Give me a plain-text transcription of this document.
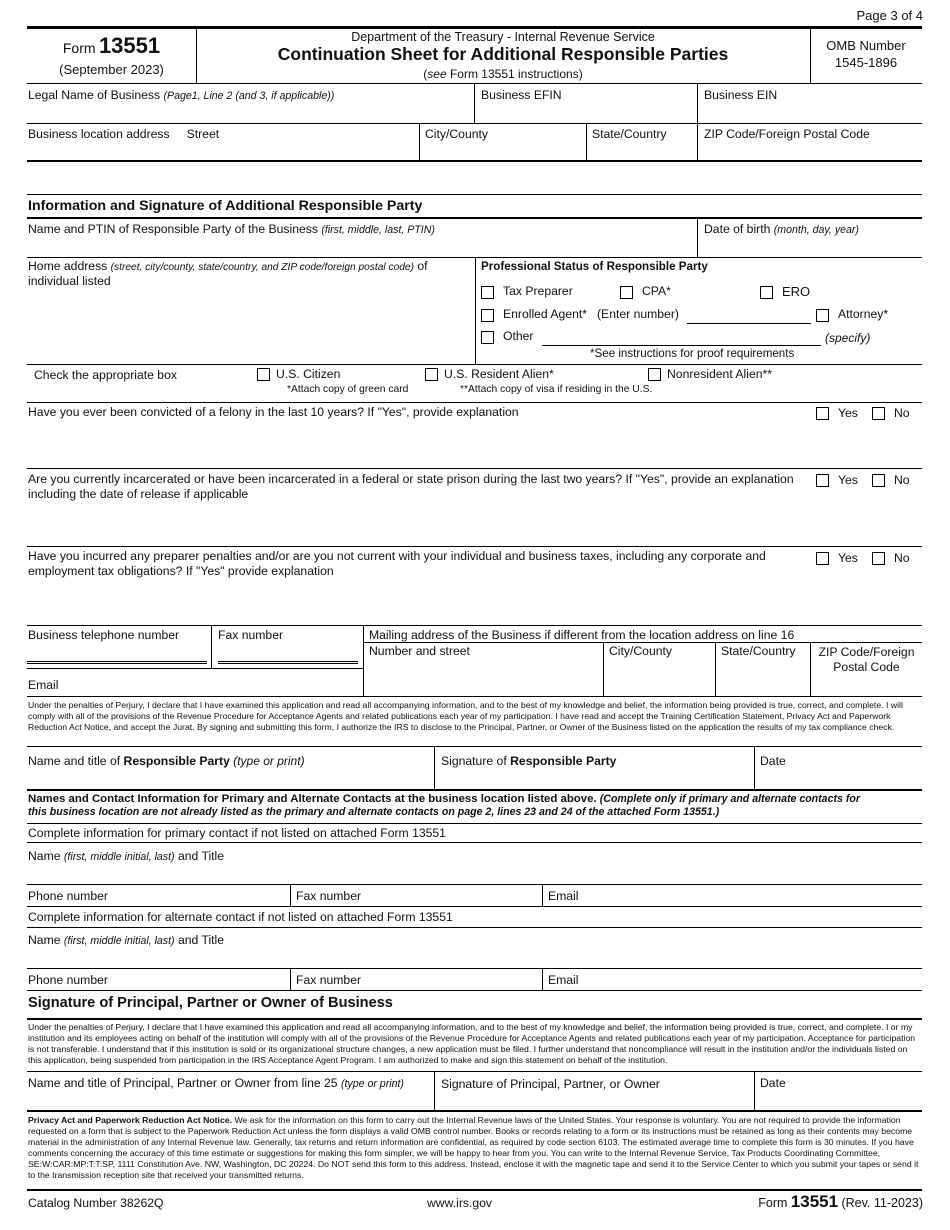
Page 3 of 4
Form 13551
(September 2023)
Department of the Treasury - Internal Revenue Service
Continuation Sheet for Additional Responsible Parties
(see Form 13551 instructions)
OMB Number
1545-1896
Legal Name of Business (Page1, Line 2 (and 3, if applicable))	Business EFIN	Business EIN
Business location address Street	City/County	State/Country	ZIP Code/Foreign Postal Code
Information and Signature of Additional Responsible Party
Name and PTIN of Responsible Party of the Business (first, middle, last, PTIN)	Date of birth (month, day, year)
Home address (street, city/county, state/country, and ZIP code/foreign postal code) of
individual listed
Professional Status of Responsible Party
Tax Preparer	CPA*	ERO
Enrolled Agent* (Enter number)	Attorney*
Other	(specify)
*See instructions for proof requirements
Check the appropriate box	U.S. Citizen	U.S. Resident Alien*	Nonresident Alien**
*Attach copy of green card	**Attach copy of visa if residing in the U.S.
Have you ever been convicted of a felony in the last 10 years? If "Yes", provide explanation	Yes	No
Are you currently incarcerated or have been incarcerated in a federal or state prison during the last two years? If "Yes", provide an explanation
including the date of release if applicable
Yes	No
Have you incurred any preparer penalties and/or are you not current with your individual and business taxes, including any corporate and
employment tax obligations? If "Yes" provide explanation
Yes	No
Business telephone number	Fax number
Email
Mailing address of the Business if different from the location address on line 16
Number and street	City/County	State/Country	ZIP Code/Foreign
Postal Code
Under the penalties of Perjury, I declare that I have examined this application and read all accompanying information, and to the best of my knowledge and belief, the information being provided is true, correct, and complete. I will comply with all of the provisions of the Revenue Procedure for Acceptance Agents and related publications each year of my participation. I have read and accept the Training Certification Statement, Privacy Act and Paperwork Reduction Act Notice, and accept the Jurat. By signing and submitting this form, I authorize the IRS to disclose to the Principal, Partner, or Owner of the Business listed on the application the results of my tax compliance check.
Name and title of Responsible Party (type or print)	Signature of Responsible Party	Date
Names and Contact Information for Primary and Alternate Contacts at the business location listed above. (Complete only if primary and alternate contacts for
this business location are not already listed as the primary and alternate contacts on page 2, lines 23 and 24 of the attached Form 13551.)
Complete information for primary contact if not listed on attached Form 13551
Name (first, middle initial, last) and Title
Phone number	Fax number	Email
Complete information for alternate contact if not listed on attached Form 13551
Name (first, middle initial, last) and Title
Phone number	Fax number	Email
Signature of Principal, Partner or Owner of Business
Under the penalties of Perjury, I declare that I have examined this application and read all accompanying information, and to the best of my knowledge and belief, the information being provided is true, correct, and complete. I or my institution and its employees acting on behalf of the institution will comply with all of the provisions of the Revenue Procedure for Acceptance Agents and related publications each year of my participation. Acceptance for participation is not transferable. I understand that if this institution is sold or its organizational structure changes, a new application must be filed. I further understand that noncompliance will result in the institution and/or the individuals listed on this application, being suspended from participation in the IRS Acceptance Agent Program. I am authorized to make and sign this statement on behalf of the institution.
Name and title of Principal, Partner or Owner from line 25 (type or print)	Signature of Principal, Partner, or Owner	Date
Privacy Act and Paperwork Reduction Act Notice. We ask for the information on this form to carry out the Internal Revenue laws of the United States. Your response is voluntary. You are not required to provide the information requested on a form that is subject to the Paperwork Reduction Act unless the form displays a valid OMB control number. Books or records relating to a form or its instructions must be retained as long as their contents may become material in the administration of any Internal Revenue law. Generally, tax returns and return information are confidential, as required by code section 6103. The estimated average time to complete this form is 30 minutes. If you have comments concerning the accuracy of this time estimate or suggestions for making this form simpler, we will be happy to hear from you. You can write to the Internal Revenue Service, Tax Products Coordinating Committee, SE:W:CAR:MP:T:T:SP, 1111 Constitution Ave. NW, Washington, DC 20224. Do NOT send this form to this address. Instead, enclose it with the magnetic tape and send it to the Service Center to which you submit your tapes or send it to the transmission reception site that received your transmitted returns.
Catalog Number 38262Q	www.irs.gov	Form 13551 (Rev. 11-2023)
